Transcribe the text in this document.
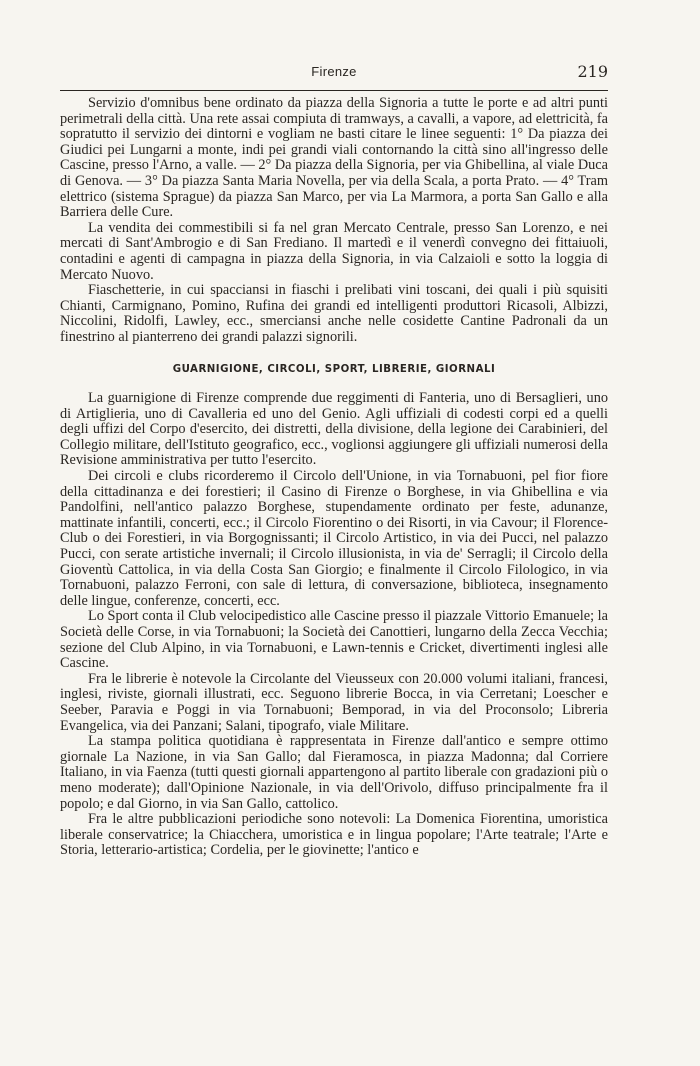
Firenze	219

Servizio d'omnibus bene ordinato da piazza della Signoria a tutte le porte e ad altri punti perimetrali della città. Una rete assai compiuta di tramways, a cavalli, a vapore, ad elettricità, fa sopratutto il servizio dei dintorni e vogliam ne basti citare le linee seguenti: 1° Da piazza dei Giudici pei Lungarni a monte, indi pei grandi viali contornando la città sino all'ingresso delle Cascine, presso l'Arno, a valle. — 2° Da piazza della Signoria, per via Ghibellina, al viale Duca di Genova. — 3° Da piazza Santa Maria Novella, per via della Scala, a porta Prato. — 4° Tram elettrico (sistema Sprague) da piazza San Marco, per via La Marmora, a porta San Gallo e alla Barriera delle Cure.

La vendita dei commestibili si fa nel gran Mercato Centrale, presso San Lorenzo, e nei mercati di Sant'Ambrogio e di San Frediano. Il martedì e il venerdì convegno dei fittaiuoli, contadini e agenti di campagna in piazza della Signoria, in via Calzaioli e sotto la loggia di Mercato Nuovo.

Fiaschetterie, in cui spacciansi in fiaschi i prelibati vini toscani, dei quali i più squisiti Chianti, Carmignano, Pomino, Rufina dei grandi ed intelligenti produttori Ricasoli, Albizzi, Niccolini, Ridolfi, Lawley, ecc., smerciansi anche nelle cosidette Cantine Padronali da un finestrino al pianterreno dei grandi palazzi signorili.

GUARNIGIONE, CIRCOLI, SPORT, LIBRERIE, GIORNALI

La guarnigione di Firenze comprende due reggimenti di Fanteria, uno di Bersaglieri, uno di Artiglieria, uno di Cavalleria ed uno del Genio. Agli uffiziali di codesti corpi ed a quelli degli uffizi del Corpo d'esercito, dei distretti, della divisione, della legione dei Carabinieri, del Collegio militare, dell'Istituto geografico, ecc., voglionsi aggiungere gli uffiziali numerosi della Revisione amministrativa per tutto l'esercito.

Dei circoli e clubs ricorderemo il Circolo dell'Unione, in via Tornabuoni, pel fior fiore della cittadinanza e dei forestieri; il Casino di Firenze o Borghese, in via Ghibellina e via Pandolfini, nell'antico palazzo Borghese, stupendamente ordinato per feste, adunanze, mattinate infantili, concerti, ecc.; il Circolo Fiorentino o dei Risorti, in via Cavour; il Florence-Club o dei Forestieri, in via Borgognissanti; il Circolo Artistico, in via dei Pucci, nel palazzo Pucci, con serate artistiche invernali; il Circolo illusionista, in via de' Serragli; il Circolo della Gioventù Cattolica, in via della Costa San Giorgio; e finalmente il Circolo Filologico, in via Tornabuoni, palazzo Ferroni, con sale di lettura, di conversazione, biblioteca, insegnamento delle lingue, conferenze, concerti, ecc.

Lo Sport conta il Club velocipedistico alle Cascine presso il piazzale Vittorio Emanuele; la Società delle Corse, in via Tornabuoni; la Società dei Canottieri, lungarno della Zecca Vecchia; sezione del Club Alpino, in via Tornabuoni, e Lawn-tennis e Cricket, divertimenti inglesi alle Cascine.

Fra le librerie è notevole la Circolante del Vieusseux con 20.000 volumi italiani, francesi, inglesi, riviste, giornali illustrati, ecc. Seguono librerie Bocca, in via Cerretani; Loescher e Seeber, Paravia e Poggi in via Tornabuoni; Bemporad, in via del Proconsolo; Libreria Evangelica, via dei Panzani; Salani, tipografo, viale Militare.

La stampa politica quotidiana è rappresentata in Firenze dall'antico e sempre ottimo giornale La Nazione, in via San Gallo; dal Fieramosca, in piazza Madonna; dal Corriere Italiano, in via Faenza (tutti questi giornali appartengono al partito liberale con gradazioni più o meno moderate); dall'Opinione Nazionale, in via dell'Orivolo, diffuso principalmente fra il popolo; e dal Giorno, in via San Gallo, cattolico.

Fra le altre pubblicazioni periodiche sono notevoli: La Domenica Fiorentina, umoristica liberale conservatrice; la Chiacchera, umoristica e in lingua popolare; l'Arte teatrale; l'Arte e Storia, letterario-artistica; Cordelia, per le giovinette; l'antico e
